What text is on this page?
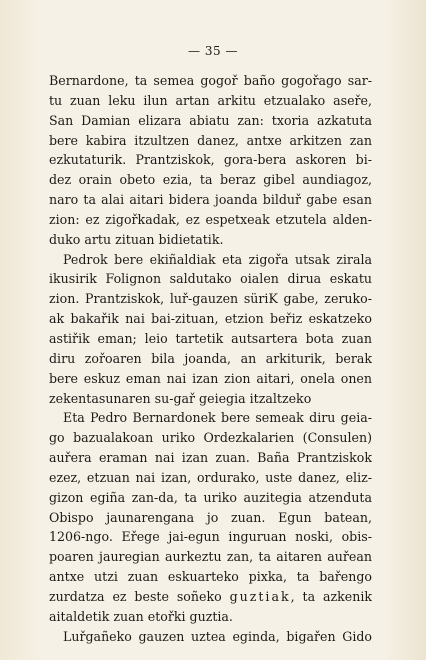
— 35 —
Bernardone, ta semea gogoř baño gogořago sar-
tu zuan leku ilun artan arkitu etzualako aseře,
San Damian elizara abiatu zan: txoria azkatuta
bere kabira itzultzen danez, antxe arkitzen zan
ezkutaturik. Prantziskok, gora-bera askoren bi-
dez orain obeto ezia, ta beraz gibel aundiagoz,
naro ta alai aitari bidera joanda bilduř gabe esan
zion: ez zigořkadak, ez espetxeak etzutela alden-
duko artu zituan bidietatik.
Pedrok bere ekiñaldiak eta zigořa utsak zirala
ikusirik Folignon saldutako oialen dirua eskatu
zion. Prantziskok, luř-gauzen süriK gabe, zeruko-
ak bakařik nai bai-zituan, etzion beřiz eskatzeko
astiřik eman; leio tartetik autsartera bota zuan
diru zořoaren bila joanda, an arkiturik, berak
bere eskuz eman nai izan zion aitari, onela onen
zekentasunaren su-gař geiegia itzaltzeko
Eta Pedro Bernardonek bere semeak diru geia-
go bazualakoan uriko Ordezkalarien (Consulen)
auřera eraman nai izan zuan. Baña Prantziskok
ezez, etzuan nai izan, ordurako, uste danez, eliz-
gizon egiña zan-da, ta uriko auzitegia atzenduta
Obispo jaunarengana jo zuan. Egun batean,
1206-ngo. Eřege jai-egun inguruan noski, obis-
poaren jauregian aurkeztu zan, ta aitaren auřean
antxe utzi zuan eskuarteko pixka, ta bařengo
zurdatza ez beste soñeko guztiak, ta azkenik
aitaldetik zuan etořki guztia.
Luřgañeko gauzen uztea eginda, bigařen Gido
